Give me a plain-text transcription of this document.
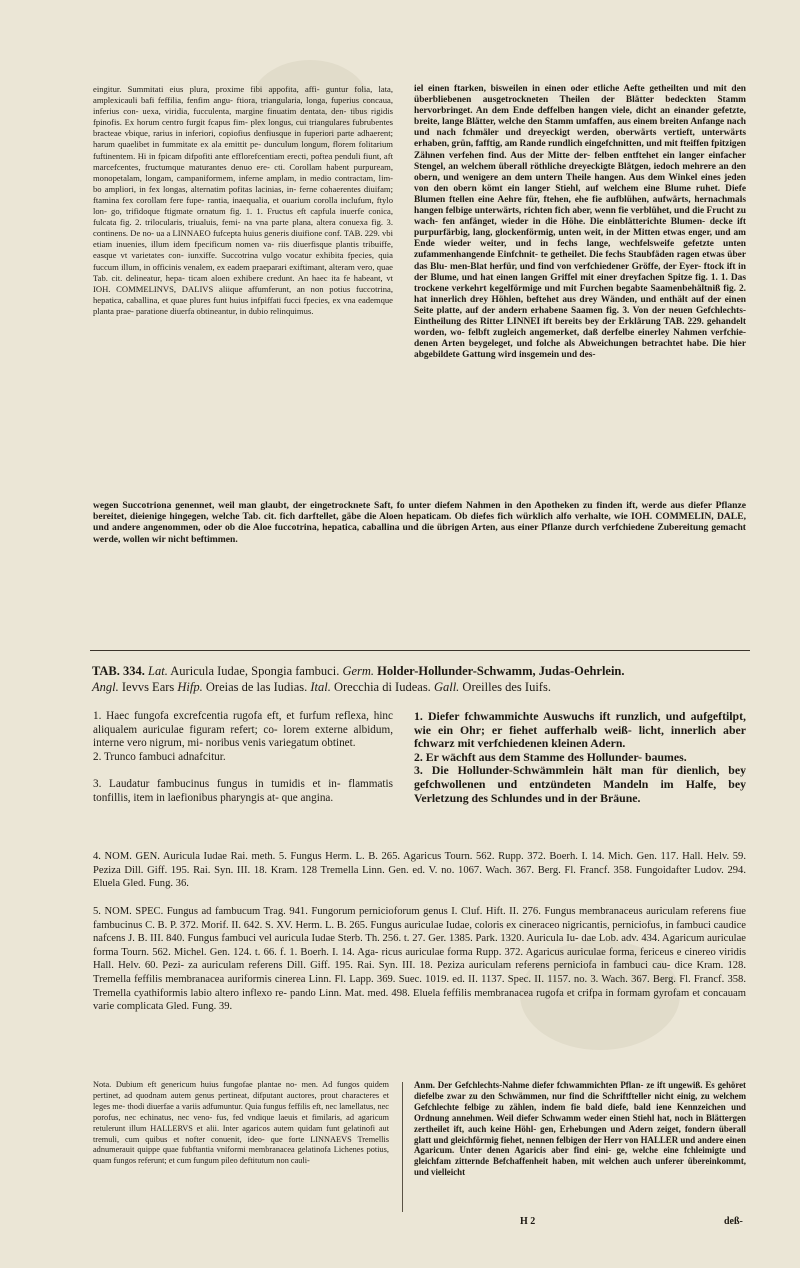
eingitur. Summitati eius plura, proxime fibi appofita, affi- guntur folia, lata, amplexicauli bafi feffilia, fenfim angu- ftiora, triangularia, longa, fuperius concaua, inferius con- uexa, viridia, fucculenta, margine finuatim dentata, den- tibus rigidis fpinofis. Ex horum centro furgit fcapus fim- plex longus, cui triangulares fubrubentes bracteae vbique, rarius in inferiori, copiofius denfiusque in fuperiori parte adhaerent; harum quaelibet in fummitate ex ala emittit pe- dunculum longum, florem folitarium fuftinentem. Hi in fpicam difpofiti ante efflorefcentiam erecti, poftea penduli fiunt, aft marcefcentes, fructumque maturantes denuo ere- cti. Corollam habent purpuream, monopetalam, longam, campaniformem, inferne amplam, in medio contractam, lim- bo ampliori, in fex longas, alternatim pofitas lacinias, in- ferne cohaerentes diuifam; ftamina fex corollam fere fupe- rantia, inaequalia, et ouarium corolla inclufum, ftylo lon- go, trifidoque ftigmate ornatum fig. 1. 1. Fructus eft capfula inuerfe conica, fulcata fig. 2. trilocularis, triualuis, femi- na vna parte plana, altera conuexa fig. 3. continens. De no- ua a LINNAEO fufcepta huius generis diuifione conf. TAB. 229. vbi etiam inuenies, illum idem fpecificum nomen va- riis diuerfisque plantis tribuiffe, easque vt varietates con- iunxiffe. Succotrina vulgo vocatur exhibita fpecies, quia fuccum illum, in officinis venalem, ex eadem praeparari exiftimant, alteram vero, quae Tab. cit. delineatur, hepa- ticam aloen exhibere credunt. An haec ita fe habeant, vt IOH. COMMELINVS, DALIVS aliique affumferunt, an non potius fuccotrina, hepatica, caballina, et quae plures funt huius infpiffati fucci fpecies, ex vna eademque planta prae- paratione diuerfa obtineantur, in dubio relinquimus.
iel einen ftarken, bisweilen in einen oder etliche Aefte getheilten und mit den überbliebenen ausgetrockneten Theilen der Blätter bedeckten Stamm hervorbringet. An dem Ende deffelben hangen viele, dicht an einander gefetzte, breite, lange Blätter, welche den Stamm umfaffen, aus einem breiten Anfange nach und nach fchmäler und dreyeckigt werden, oberwärts vertieft, unterwärts erhaben, grün, fafftig, am Rande rundlich eingefchnitten, und mit fteiffen fpitzigen Zähnen verfehen find. Aus der Mitte der- felben entftehet ein langer einfacher Stengel, an welchem überall röthliche dreyeckigte Blätgen, iedoch mehrere an den obern, und wenigere an dem untern Theile hangen. Aus dem Winkel eines jeden von den obern kömt ein langer Stiehl, auf welchem eine Blume ruhet. Diefe Blumen ftellen eine Aehre für, ftehen, ehe fie aufblühen, aufwärts, hernachmals hangen felbige unterwärts, richten fich aber, wenn fie verblühet, und die Frucht zu wach- fen anfänget, wieder in die Höhe. Die einblätterichte Blumen- decke ift purpurfärbig, lang, glockenförmig, unten weit, in der Mitten etwas enger, und am Ende wieder weiter, und in fechs lange, wechfelsweife gefetzte unten zufammenhangende Einfchnit- te getheilet. Die fechs Staubfäden ragen etwas über das Blu- men-Blat herfür, und find von verfchiedener Gröffe, der Eyer- ftock ift in der Blume, und hat einen langen Griffel mit einer dreyfachen Spitze fig. 1. 1. Das trockene verkehrt kegelförmige und mit Furchen begabte Saamenbehältniß fig. 2. hat innerlich drey Höhlen, beftehet aus drey Wänden, und enthält auf der einen Seite platte, auf der andern erhabene Saamen fig. 3. Von der neuen Gefchlechts-Eintheilung des Ritter LINNEI ift bereits bey der Erklärung TAB. 229. gehandelt worden, wo- felbft zugleich angemerket, daß derfelbe einerley Nahmen verfchie- denen Arten beygeleget, und folche als Abweichungen betrachtet habe. Die hier abgebildete Gattung wird insgemein und des-
wegen Succotriona genennet, weil man glaubt, der eingetrocknete Saft, fo unter diefem Nahmen in den Apotheken zu finden ift, werde aus diefer Pflanze bereitet, dieienige hingegen, welche Tab. cit. fich darftellet, gäbe die Aloen hepaticam. Ob diefes fich würklich alfo verhalte, wie IOH. COMMELIN, DALE, und andere angenommen, oder ob die Aloe fuccotrina, hepatica, caballina und die übrigen Arten, aus einer Pflanze durch verfchiedene Zubereitung gemacht werde, wollen wir nicht beftimmen.
TAB. 334. Lat. Auricula Iudae, Spongia fambuci. Germ. Holder-Hollunder-Schwamm, Judas-Oehrlein.
Angl. Ievvs Ears Hifp. Oreias de las Iudias. Ital. Orecchia di Iudeas. Gall. Oreilles des Iuifs.
1. Haec fungofa excrefcentia rugofa eft, et furfum reflexa, hinc aliqualem auriculae figuram refert; co- lorem externe albidum, interne vero nigrum, mi- noribus venis variegatum obtinet.
2. Trunco fambuci adnafcitur.
3. Laudatur fambucinus fungus in tumidis et in- flammatis tonfillis, item in laefionibus pharyngis at- que angina.
1. Diefer fchwammichte Auswuchs ift runzlich, und aufgeftilpt, wie ein Ohr; er fiehet aufferhalb weiß- licht, innerlich aber fchwarz mit verfchiedenen kleinen Adern.
2. Er wächft aus dem Stamme des Hollunder- baumes.
3. Die Hollunder-Schwämmlein hält man für dienlich, bey gefchwollenen und entzündeten Mandeln im Halfe, bey Verletzung des Schlundes und in der Bräune.
4. NOM. GEN. Auricula Iudae Rai. meth. 5. Fungus Herm. L. B. 265. Agaricus Tourn. 562. Rupp. 372. Boerh. I. 14. Mich. Gen. 117. Hall. Helv. 59. Peziza Dill. Giff. 195. Rai. Syn. III. 18. Kram. 128 Tremella Linn. Gen. ed. V. no. 1067. Wach. 367. Berg. Fl. Francf. 358. Fungoidafter Ludov. 294. Eluela Gled. Fung. 36.
5. NOM. SPEC. Fungus ad fambucum Trag. 941. Fungorum pernicioforum genus I. Cluf. Hift. II. 276. Fungus membranaceus auriculam referens fiue fambucinus C. B. P. 372. Morif. II. 642. S. XV. Herm. L. B. 265. Fungus auriculae Iudae, coloris ex cineraceo nigricantis, perniciofus, in fambuci caudice nafcens J. B. III. 840. Fungus fambuci vel auricula Iudae Sterb. Th. 256. t. 27. Ger. 1385. Park. 1320. Auricula Iu- dae Lob. adv. 434. Agaricum auriculae forma Tourn. 562. Michel. Gen. 124. t. 66. f. 1. Boerh. I. 14. Aga- ricus auriculae forma Rupp. 372. Agaricus auriculae forma, fericeus e cinereo viridis Hall. Helv. 60. Pezi- za auriculam referens Dill. Giff. 195. Rai. Syn. III. 18. Peziza auriculam referens perniciofa in fambuci cau- dice Kram. 128. Tremella feffilis membranacea auriformis cinerea Linn. Fl. Lapp. 369. Suec. 1019. ed. II. 1137. Spec. II. 1157. no. 3. Wach. 367. Berg. Fl. Francf. 358. Tremella cyathiformis labio altero inflexo re- pando Linn. Mat. med. 498. Eluela feffilis membranacea rugofa et crifpa in formam gyrofam et concauam varie complicata Gled. Fung. 39.
Nota. Dubium eft genericum huius fungofae plantae no- men. Ad fungos quidem pertinet, ad quodnam autem genus pertineat, difputant auctores, prout characteres et leges me- thodi diuerfae a variis adfumuntur. Quia fungus feffilis eft, nec lamellatus, nec porofus, nec echinatus, nec veno- fus, fed vndique laeuis et fimilaris, ad agaricum retulerunt illum HALLERVS et alii. Inter agaricos autem quidam funt gelatinofi aut tremuli, cum quibus et nofter conuenit, ideo- que forte LINNAEVS Tremellis adnumerauit quippe quae fubftantia vniformi membranacea gelatinofa Lichenes potius, quam fungos referunt; et cum fungum pileo deftitutum non cauli-
Anm. Der Gefchlechts-Nahme diefer fchwammichten Pflan- ze ift ungewiß. Es gehöret diefelbe zwar zu den Schwämmen, nur find die Schriftfteller nicht einig, zu welchem Gefchlechte felbige zu zählen, indem fie bald diefe, bald iene Kennzeichen und Ordnung annehmen. Weil diefer Schwamm weder einen Stiehl hat, noch in Blättergen zertheilet ift, auch keine Höhl- gen, Erhebungen und Adern zeiget, fondern überall glatt und gleichförmig fiehet, nennen felbigen der Herr von HALLER und andere einen Agaricum. Unter denen Agaricis aber find eini- ge, welche eine fchleimigte und gleichfam zitternde Befchaffenheit haben, mit welchen auch unferer übereinkommt, und vielleicht
H 2	deß-
